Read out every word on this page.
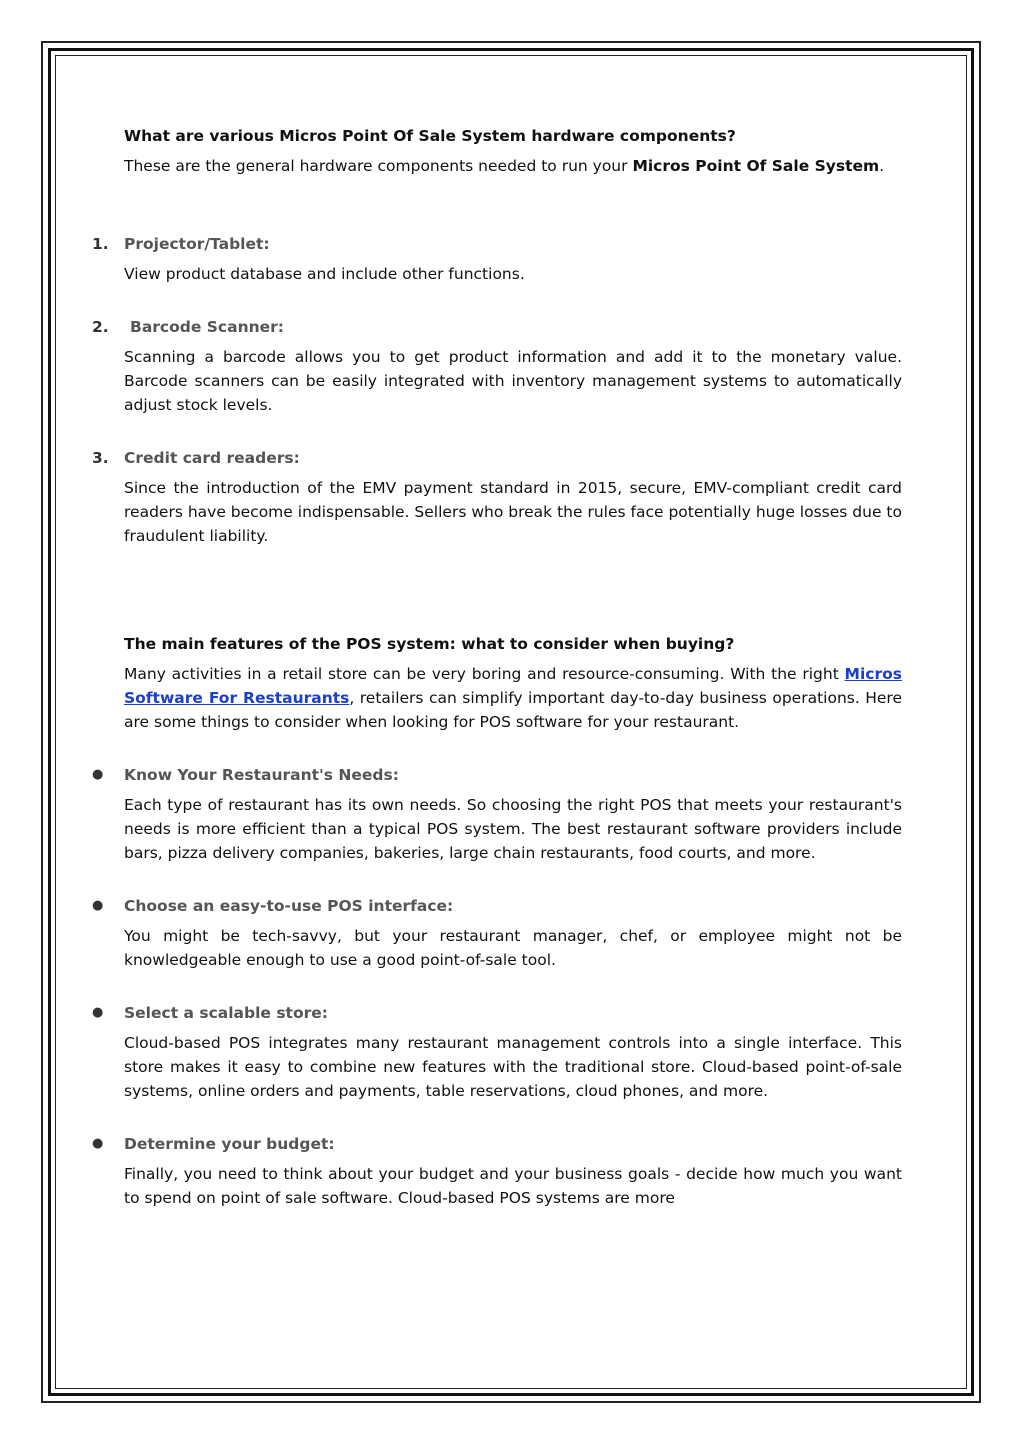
What are various Micros Point Of Sale System hardware components?

These are the general hardware components needed to run your Micros Point Of Sale System.

1. Projector/Tablet:

View product database and include other functions.

2.	Barcode Scanner:

Scanning a barcode allows you to get product information and add it to the monetary value. Barcode scanners can be easily integrated with inventory management systems to automatically adjust stock levels.

3. Credit card readers:

Since the introduction of the EMV payment standard in 2015, secure, EMV-compliant credit card readers have become indispensable. Sellers who break the rules face potentially huge losses due to fraudulent liability.

The main features of the POS system: what to consider when buying?

Many activities in a retail store can be very boring and resource-consuming. With the right Micros Software For Restaurants, retailers can simplify important day-to-day business operations. Here are some things to consider when looking for POS software for your restaurant.

● Know Your Restaurant's Needs:

Each type of restaurant has its own needs. So choosing the right POS that meets your restaurant's needs is more efficient than a typical POS system. The best restaurant software providers include bars, pizza delivery companies, bakeries, large chain restaurants, food courts, and more.

● Choose an easy-to-use POS interface:

You might be tech-savvy, but your restaurant manager, chef, or employee might not be knowledgeable enough to use a good point-of-sale tool.

● Select a scalable store:

Cloud-based POS integrates many restaurant management controls into a single interface. This store makes it easy to combine new features with the traditional store. Cloud-based point-of-sale systems, online orders and payments, table reservations, cloud phones, and more.

● Determine your budget:

Finally, you need to think about your budget and your business goals - decide how much you want to spend on point of sale software. Cloud-based POS systems are more
